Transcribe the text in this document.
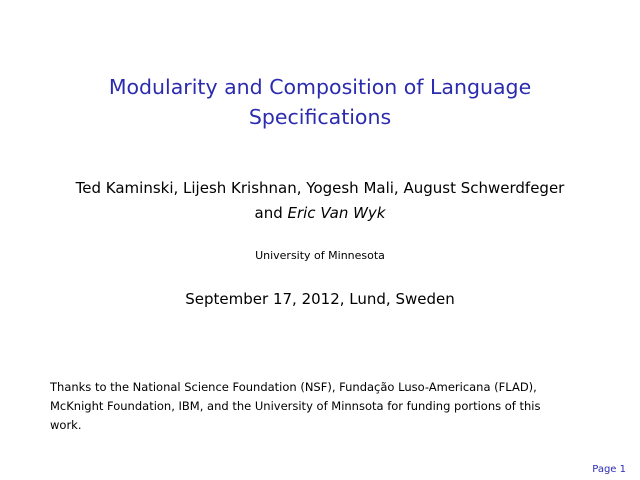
Modularity and Composition of Language Specifications

Ted Kaminski, Lijesh Krishnan, Yogesh Mali, August Schwerdfeger and Eric Van Wyk

University of Minnesota

September 17, 2012, Lund, Sweden

Thanks to the National Science Foundation (NSF), Fundação Luso-Americana (FLAD), McKnight Foundation, IBM, and the University of Minnsota for funding portions of this work.

Page 1
